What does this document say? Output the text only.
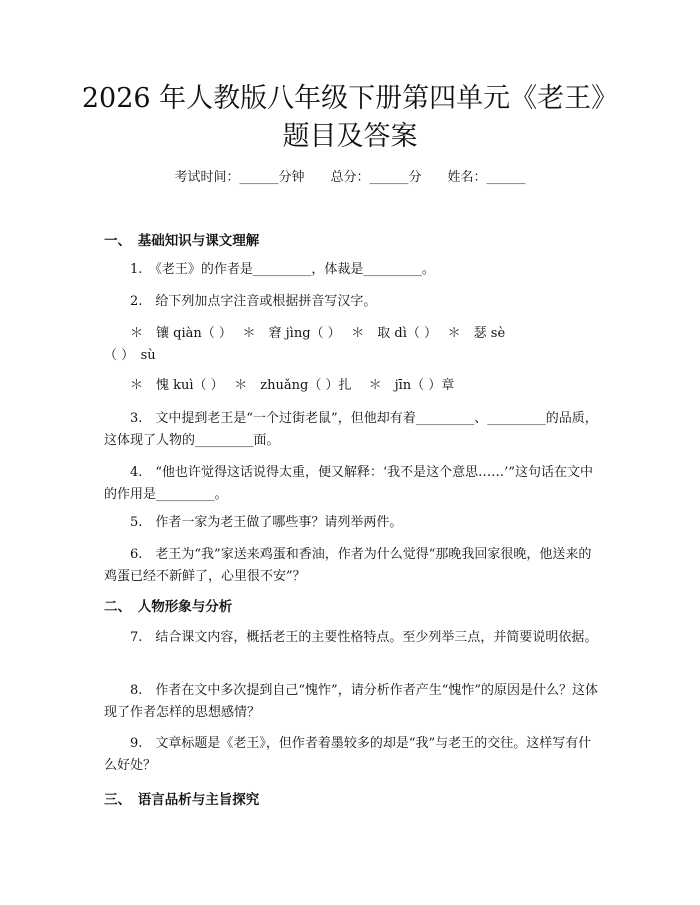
2026 年人教版八年级下册第四单元《老王》
题目及答案
考试时间：______分钟　　总分：______分　　姓名：______
一、　基础知识与课文理解
1.　《老王》的作者是_________，体裁是_________。
2.　给下列加点字注音或根据拼音写汉字。
　　＊　镶 qiàn（ ）　 ＊　窘 jìng（ ）　 ＊　取 dì（ ）　 ＊　瑟 sè
（ ）　sù
　　＊　愧 kuì（ ）　 ＊　zhuǎng（ ）扎　 ＊　jīn（ ）章
3.　文中提到老王是“一个过街老鼠”，但他却有着_________、_________的品质，这体现了人物的_________面。
4.　“他也许觉得这话说得太重，便又解释：‘我不是这个意思……’”这句话在文中的作用是_________。
5.　作者一家为老王做了哪些事？请列举两件。
6.　老王为“我”家送来鸡蛋和香油，作者为什么觉得“那晚我回家很晚，他送来的鸡蛋已经不新鲜了，心里很不安”？
二、　人物形象与分析
7.　结合课文内容，概括老王的主要性格特点。至少列举三点，并简要说明依据。
8.　作者在文中多次提到自己“愧怍”，请分析作者产生“愧怍”的原因是什么？这体现了作者怎样的思想感情？
9.　文章标题是《老王》，但作者着墨较多的却是“我”与老王的交往。这样写有什么好处？
三、　语言品析与主旨探究
